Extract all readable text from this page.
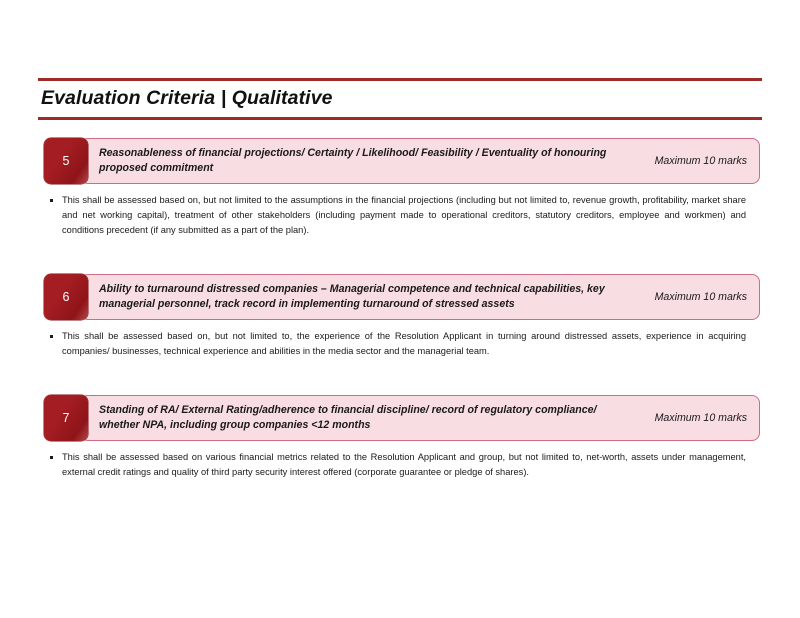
Evaluation Criteria | Qualitative
5
Reasonableness of financial projections/ Certainty / Likelihood/ Feasibility / Eventuality of honouring proposed commitment
Maximum 10 marks
This shall be assessed based on, but not limited to the assumptions in the financial projections (including but not limited to, revenue growth, profitability, market share and net working capital), treatment of other stakeholders (including payment made to operational creditors, statutory creditors, employee and workmen) and conditions precedent (if any submitted as a part of the plan).
6
Ability to turnaround distressed companies – Managerial competence and technical capabilities, key managerial personnel, track record in implementing turnaround of stressed assets
Maximum 10 marks
This shall be assessed based on, but not limited to, the experience of the Resolution Applicant in turning around distressed assets, experience in acquiring companies/ businesses, technical experience and abilities in the media sector and the managerial team.
7
Standing of RA/ External Rating/adherence to financial discipline/ record of regulatory compliance/ whether NPA, including group companies <12 months
Maximum 10 marks
This shall be assessed based on various financial metrics related to the Resolution Applicant and group, but not limited to, net-worth, assets under management, external credit ratings and quality of third party security interest offered (corporate guarantee or pledge of shares).
